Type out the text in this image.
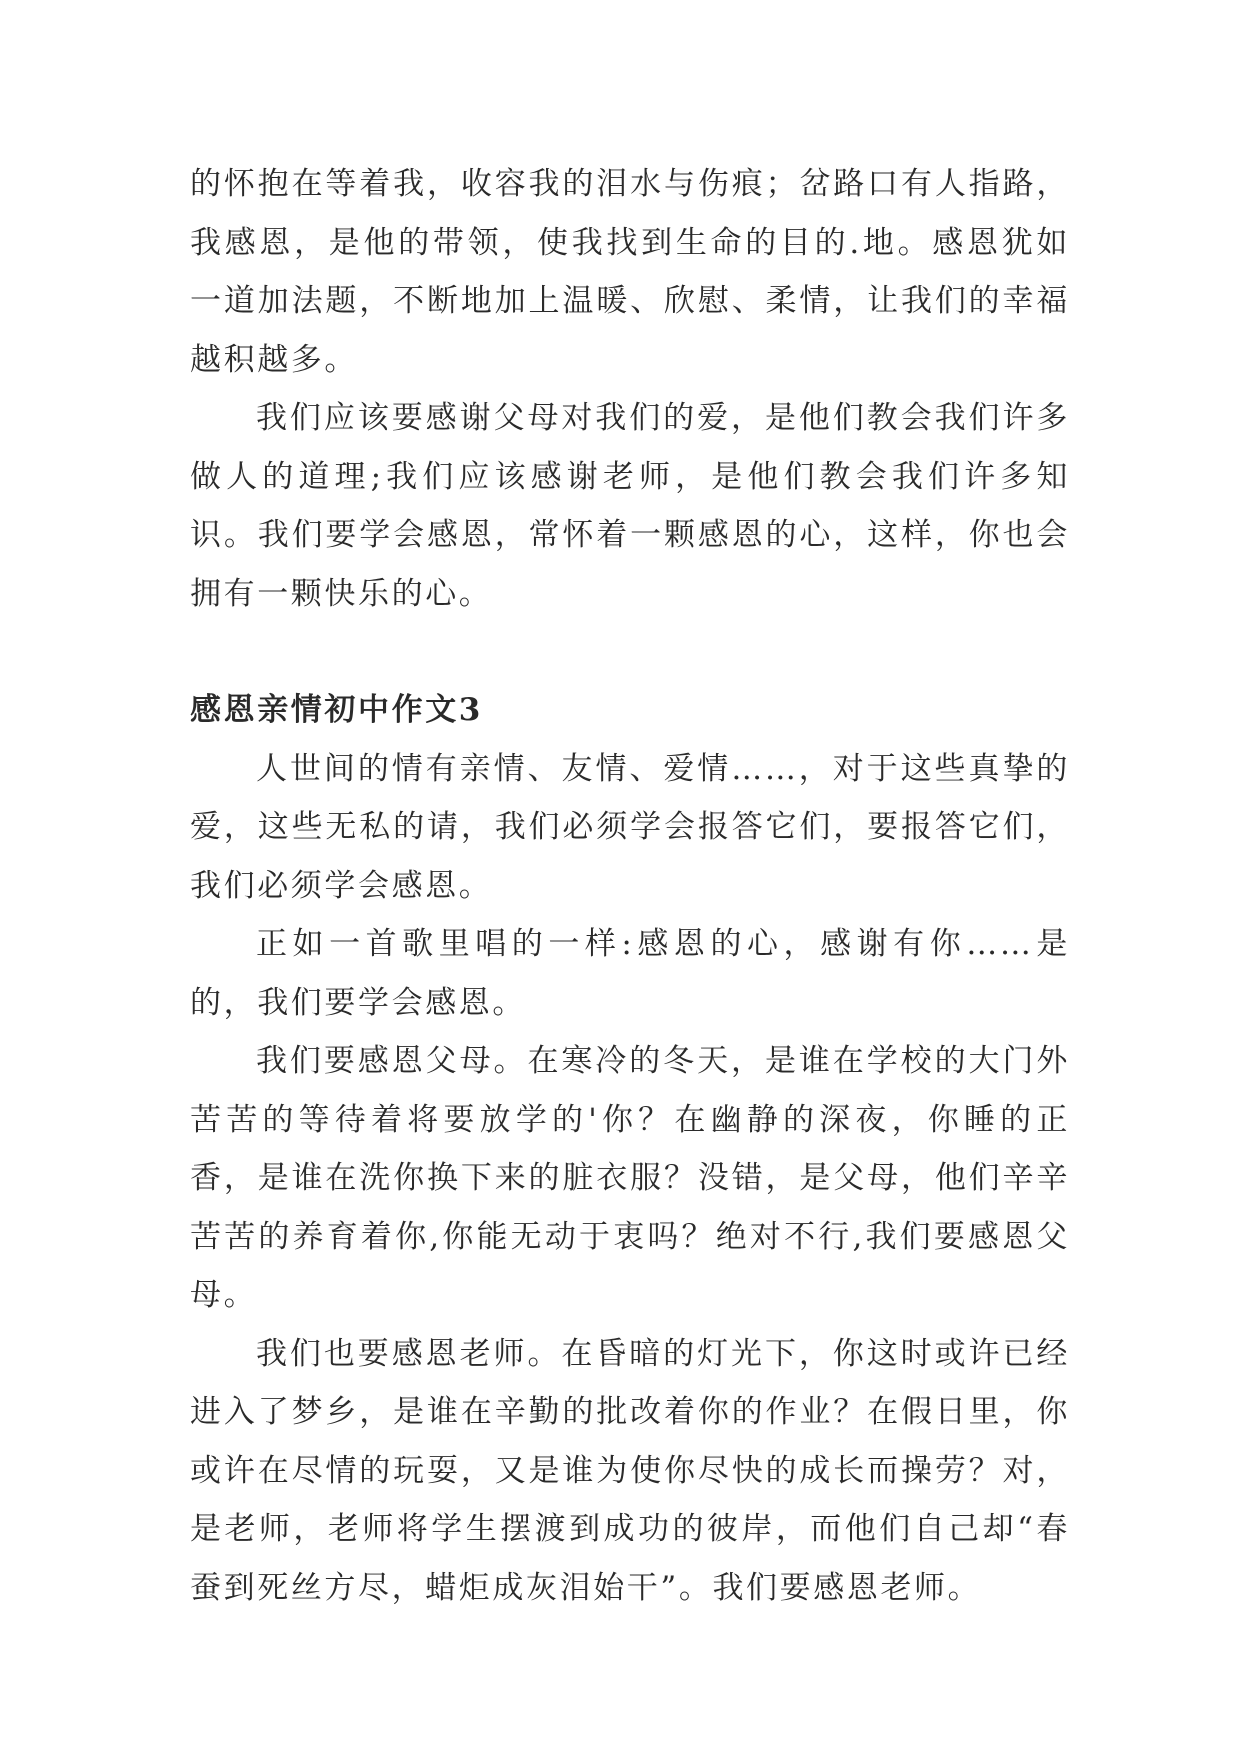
的怀抱在等着我，收容我的泪水与伤痕；岔路口有人指路，我感恩，是他的带领，使我找到生命的目的.地。感恩犹如一道加法题，不断地加上温暖、欣慰、柔情，让我们的幸福越积越多。

我们应该要感谢父母对我们的爱，是他们教会我们许多做人的道理;我们应该感谢老师，是他们教会我们许多知识。我们要学会感恩，常怀着一颗感恩的心，这样，你也会拥有一颗快乐的心。

感恩亲情初中作文3

人世间的情有亲情、友情、爱情……，对于这些真挚的爱，这些无私的请，我们必须学会报答它们，要报答它们，我们必须学会感恩。

正如一首歌里唱的一样:感恩的心，感谢有你……是的，我们要学会感恩。

我们要感恩父母。在寒冷的冬天，是谁在学校的大门外苦苦的等待着将要放学的'你？在幽静的深夜，你睡的正香，是谁在洗你换下来的脏衣服？没错，是父母，他们辛辛苦苦的养育着你,你能无动于衷吗？绝对不行,我们要感恩父母。

我们也要感恩老师。在昏暗的灯光下，你这时或许已经进入了梦乡，是谁在辛勤的批改着你的作业？在假日里，你或许在尽情的玩耍，又是谁为使你尽快的成长而操劳？对，是老师，老师将学生摆渡到成功的彼岸，而他们自己却“春蚕到死丝方尽，蜡炬成灰泪始干”。我们要感恩老师。
